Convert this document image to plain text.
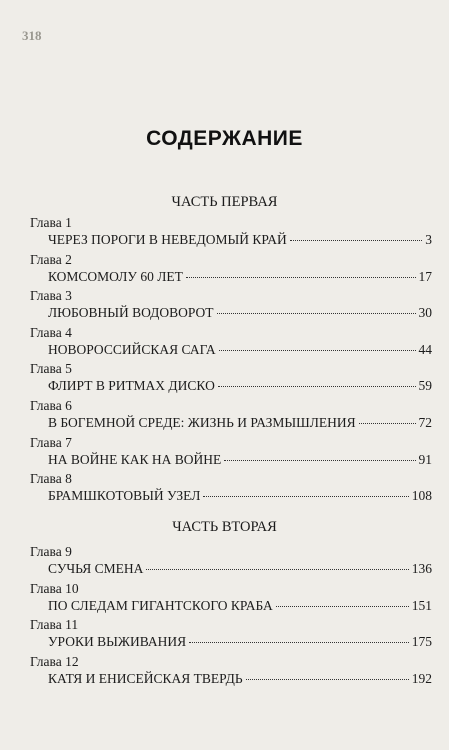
318
СОДЕРЖАНИЕ
ЧАСТЬ ПЕРВАЯ
Глава 1
ЧЕРЕЗ ПОРОГИ В НЕВЕДОМЫЙ КРАЙ	3
Глава 2
КОМСОМОЛУ 60 ЛЕТ	17
Глава 3
ЛЮБОВНЫЙ ВОДОВОРОТ	30
Глава 4
НОВОРОССИЙСКАЯ САГА	44
Глава 5
ФЛИРТ В РИТМАХ ДИСКО	59
Глава 6
В БОГЕМНОЙ СРЕДЕ: ЖИЗНЬ И РАЗМЫШЛЕНИЯ	72
Глава 7
НА ВОЙНЕ КАК НА ВОЙНЕ	91
Глава 8
БРАМШКОТОВЫЙ УЗЕЛ	108
ЧАСТЬ ВТОРАЯ
Глава 9
СУЧЬЯ СМЕНА	136
Глава 10
ПО СЛЕДАМ ГИГАНТСКОГО КРАБА	151
Глава 11
УРОКИ ВЫЖИВАНИЯ	175
Глава 12
КАТЯ И ЕНИСЕЙСКАЯ ТВЕРДЬ	192
